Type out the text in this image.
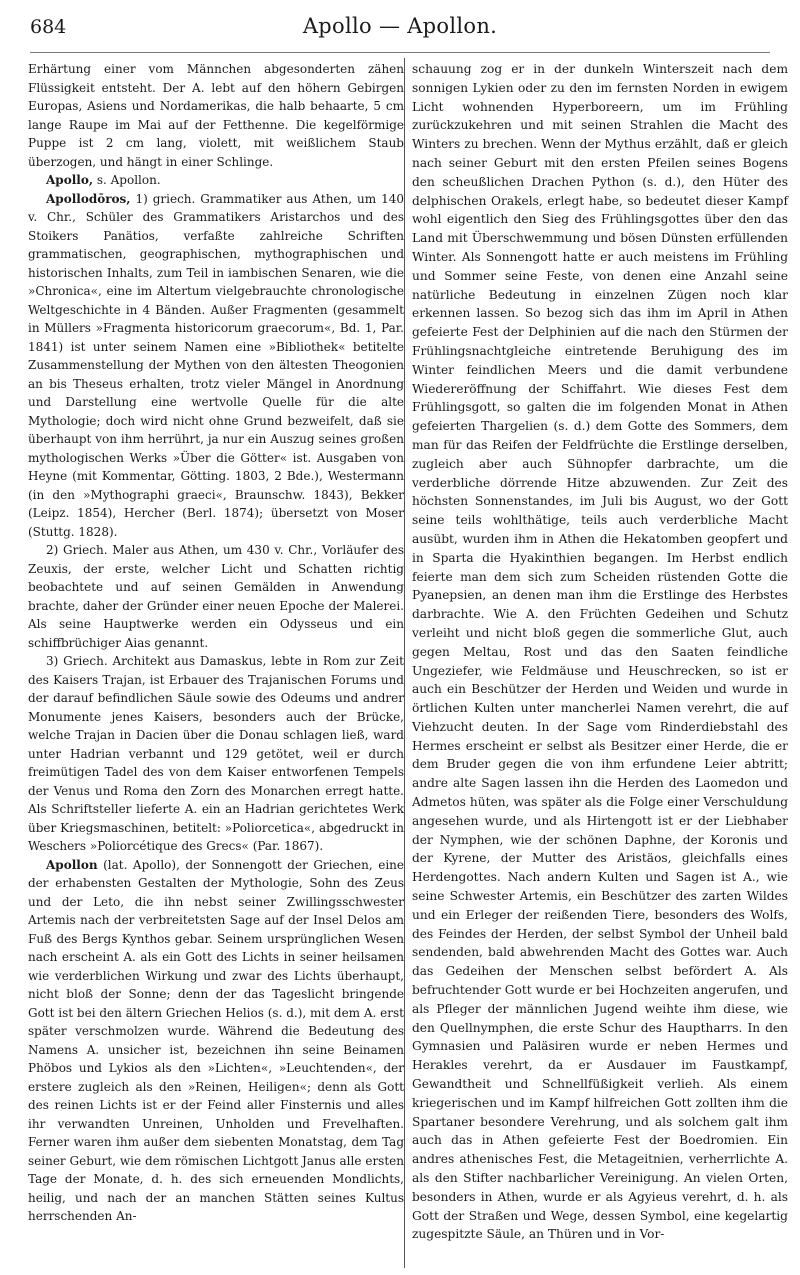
684	Apollo — Apollon.

Erhärtung einer vom Männchen abgesonderten zähen Flüssigkeit entsteht. Der A. lebt auf den höhern Gebirgen Europas, Asiens und Nordamerikas, die halb behaarte, 5 cm lange Raupe im Mai auf der Fetthenne. Die kegelförmige Puppe ist 2 cm lang, violett, mit weißlichem Staub überzogen, und hängt in einer Schlinge.

Apollo, s. Apollon.

Apollodōros, 1) griech. Grammatiker aus Athen, um 140 v. Chr., Schüler des Grammatikers Aristarchos und des Stoikers Panätios, verfaßte zahlreiche Schriften grammatischen, geographischen, mythographischen und historischen Inhalts, zum Teil in iambischen Senaren, wie die »Chronica«, eine im Altertum vielgebrauchte chronologische Weltgeschichte in 4 Bänden. Außer Fragmenten (gesammelt in Müllers »Fragmenta historicorum graecorum«, Bd. 1, Par. 1841) ist unter seinem Namen eine »Bibliothek« betitelte Zusammenstellung der Mythen von den ältesten Theogonien an bis Theseus erhalten, trotz vieler Mängel in Anordnung und Darstellung eine wertvolle Quelle für die alte Mythologie; doch wird nicht ohne Grund bezweifelt, daß sie überhaupt von ihm herrührt, ja nur ein Auszug seines großen mythologischen Werks »Über die Götter« ist. Ausgaben von Heyne (mit Kommentar, Götting. 1803, 2 Bde.), Westermann (in den »Mythographi graeci«, Braunschw. 1843), Bekker (Leipz. 1854), Hercher (Berl. 1874); übersetzt von Moser (Stuttg. 1828).

2) Griech. Maler aus Athen, um 430 v. Chr., Vorläufer des Zeuxis, der erste, welcher Licht und Schatten richtig beobachtete und auf seinen Gemälden in Anwendung brachte, daher der Gründer einer neuen Epoche der Malerei. Als seine Hauptwerke werden ein Odysseus und ein schiffbrüchiger Aias genannt.

3) Griech. Architekt aus Damaskus, lebte in Rom zur Zeit des Kaisers Trajan, ist Erbauer des Trajanischen Forums und der darauf befindlichen Säule sowie des Odeums und andrer Monumente jenes Kaisers, besonders auch der Brücke, welche Trajan in Dacien über die Donau schlagen ließ, ward unter Hadrian verbannt und 129 getötet, weil er durch freimütigen Tadel des von dem Kaiser entworfenen Tempels der Venus und Roma den Zorn des Monarchen erregt hatte. Als Schriftsteller lieferte A. ein an Hadrian gerichtetes Werk über Kriegsmaschinen, betitelt: »Poliorcetica«, abgedruckt in Weschers »Poliorcétique des Grecs« (Par. 1867).

Apollon (lat. Apollo), der Sonnengott der Griechen, eine der erhabensten Gestalten der Mythologie, Sohn des Zeus und der Leto, die ihn nebst seiner Zwillingsschwester Artemis nach der verbreitetsten Sage auf der Insel Delos am Fuß des Bergs Kynthos gebar. Seinem ursprünglichen Wesen nach erscheint A. als ein Gott des Lichts in seiner heilsamen wie verderblichen Wirkung und zwar des Lichts überhaupt, nicht bloß der Sonne; denn der das Tageslicht bringende Gott ist bei den ältern Griechen Helios (s. d.), mit dem A. erst später verschmolzen wurde. Während die Bedeutung des Namens A. unsicher ist, bezeichnen ihn seine Beinamen Phöbos und Lykios als den »Lichten«, »Leuchtenden«, der erstere zugleich als den »Reinen, Heiligen«; denn als Gott des reinen Lichts ist er der Feind aller Finsternis und alles ihr verwandten Unreinen, Unholden und Frevelhaften. Ferner waren ihm außer dem siebenten Monatstag, dem Tag seiner Geburt, wie dem römischen Lichtgott Janus alle ersten Tage der Monate, d. h. des sich erneuenden Mondlichts, heilig, und nach der an manchen Stätten seines Kultus herrschenden An-

schauung zog er in der dunkeln Winterszeit nach dem sonnigen Lykien oder zu den im fernsten Norden in ewigem Licht wohnenden Hyperboreern, um im Frühling zurückzukehren und mit seinen Strahlen die Macht des Winters zu brechen. Wenn der Mythus erzählt, daß er gleich nach seiner Geburt mit den ersten Pfeilen seines Bogens den scheußlichen Drachen Python (s. d.), den Hüter des delphischen Orakels, erlegt habe, so bedeutet dieser Kampf wohl eigentlich den Sieg des Frühlingsgottes über den das Land mit Überschwemmung und bösen Dünsten erfüllenden Winter. Als Sonnengott hatte er auch meistens im Frühling und Sommer seine Feste, von denen eine Anzahl seine natürliche Bedeutung in einzelnen Zügen noch klar erkennen lassen. So bezog sich das ihm im April in Athen gefeierte Fest der Delphinien auf die nach den Stürmen der Frühlingsnachtgleiche eintretende Beruhigung des im Winter feindlichen Meers und die damit verbundene Wiedereröffnung der Schiffahrt. Wie dieses Fest dem Frühlingsgott, so galten die im folgenden Monat in Athen gefeierten Thargelien (s. d.) dem Gotte des Sommers, dem man für das Reifen der Feldfrüchte die Erstlinge derselben, zugleich aber auch Sühnopfer darbrachte, um die verderbliche dörrende Hitze abzuwenden. Zur Zeit des höchsten Sonnenstandes, im Juli bis August, wo der Gott seine teils wohlthätige, teils auch verderbliche Macht ausübt, wurden ihm in Athen die Hekatomben geopfert und in Sparta die Hyakinthien begangen. Im Herbst endlich feierte man dem sich zum Scheiden rüstenden Gotte die Pyanepsien, an denen man ihm die Erstlinge des Herbstes darbrachte. Wie A. den Früchten Gedeihen und Schutz verleiht und nicht bloß gegen die sommerliche Glut, auch gegen Meltau, Rost und das den Saaten feindliche Ungeziefer, wie Feldmäuse und Heuschrecken, so ist er auch ein Beschützer der Herden und Weiden und wurde in örtlichen Kulten unter mancherlei Namen verehrt, die auf Viehzucht deuten. In der Sage vom Rinderdiebstahl des Hermes erscheint er selbst als Besitzer einer Herde, die er dem Bruder gegen die von ihm erfundene Leier abtritt; andre alte Sagen lassen ihn die Herden des Laomedon und Admetos hüten, was später als die Folge einer Verschuldung angesehen wurde, und als Hirtengott ist er der Liebhaber der Nymphen, wie der schönen Daphne, der Koronis und der Kyrene, der Mutter des Aristäos, gleichfalls eines Herdengottes. Nach andern Kulten und Sagen ist A., wie seine Schwester Artemis, ein Beschützer des zarten Wildes und ein Erleger der reißenden Tiere, besonders des Wolfs, des Feindes der Herden, der selbst Symbol der Unheil bald sendenden, bald abwehrenden Macht des Gottes war. Auch das Gedeihen der Menschen selbst befördert A. Als befruchtender Gott wurde er bei Hochzeiten angerufen, und als Pfleger der männlichen Jugend weihte ihm diese, wie den Quellnymphen, die erste Schur des Hauptharrs. In den Gymnasien und Paläsiren wurde er neben Hermes und Herakles verehrt, da er Ausdauer im Faustkampf, Gewandtheit und Schnellfüßigkeit verlieh. Als einem kriegerischen und im Kampf hilfreichen Gott zollten ihm die Spartaner besondere Verehrung, und als solchem galt ihm auch das in Athen gefeierte Fest der Boedromien. Ein andres athenisches Fest, die Metageitnien, verherrlichte A. als den Stifter nachbarlicher Vereinigung. An vielen Orten, besonders in Athen, wurde er als Agyieus verehrt, d. h. als Gott der Straßen und Wege, dessen Symbol, eine kegelartig zugespitzte Säule, an Thüren und in Vor-
